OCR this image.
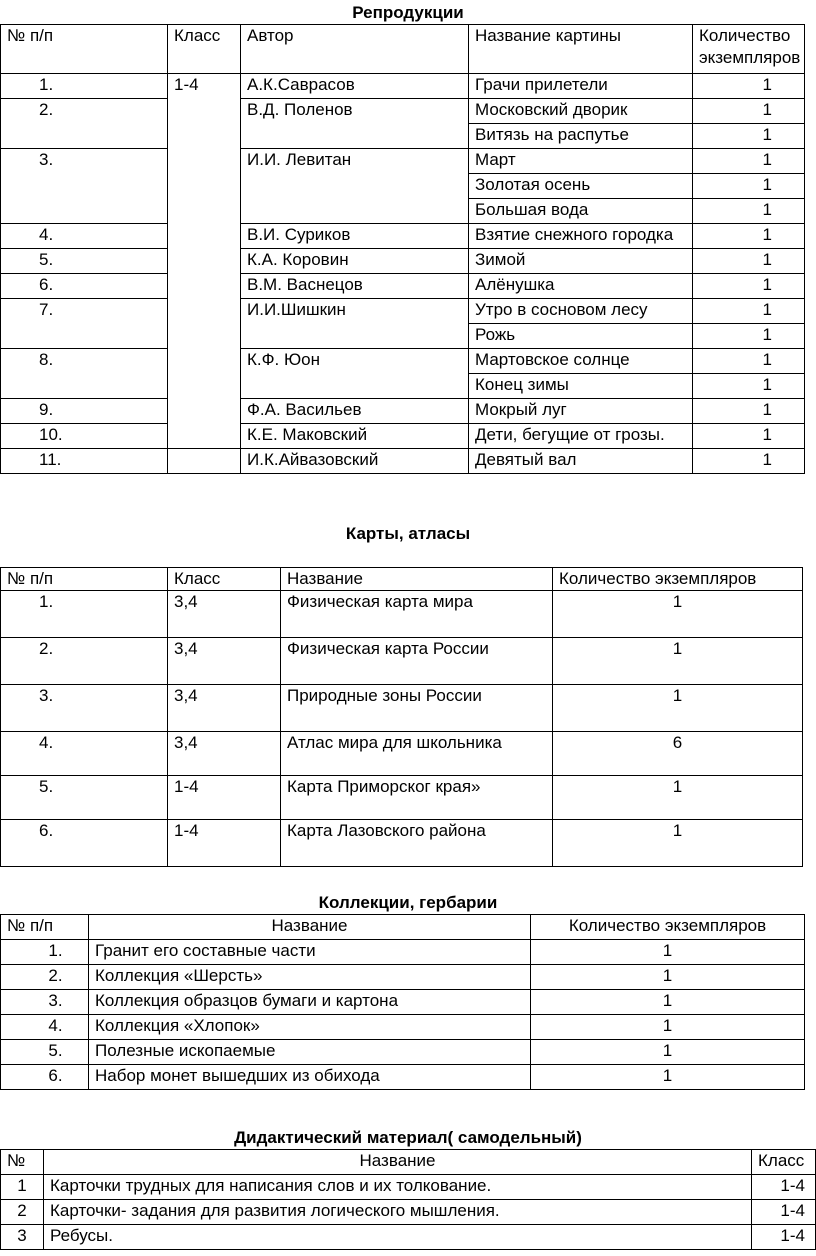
Репродукции
№ п/п	Класс	Автор	Название картины	Количество экземпляров
1.	1-4	А.К.Саврасов	Грачи прилетели	1
2.		В.Д. Поленов	Московский дворик	1
			Витязь на распутье	1
3.		И.И. Левитан	Март	1
			Золотая осень	1
			Большая вода	1
4.		В.И. Суриков	Взятие снежного городка	1
5.		К.А. Коровин	Зимой	1
6.		В.М. Васнецов	Алёнушка	1
7.		И.И.Шишкин	Утро в сосновом лесу	1
			Рожь	1
8.		К.Ф. Юон	Мартовское солнце	1
			Конец зимы	1
9.		Ф.А. Васильев	Мокрый луг	1
10.		К.Е. Маковский	Дети, бегущие от грозы.	1
11.		И.К.Айвазовский	Девятый вал	1
Карты, атласы
№ п/п	Класс	Название	Количество экземпляров
1.	3,4	Физическая карта мира	1
2.	3,4	Физическая карта России	1
3.	3,4	Природные зоны России	1
4.	3,4	Атлас мира для школьника	6
5.	1-4	Карта Приморског края»	1
6.	1-4	Карта Лазовского района	1
Коллекции, гербарии
№ п/п	Название	Количество экземпляров
1.	Гранит его составные части	1
2.	Коллекция «Шерсть»	1
3.	Коллекция образцов бумаги и картона	1
4.	Коллекция «Хлопок»	1
5.	Полезные ископаемые	1
6.	Набор монет вышедших из обихода	1
Дидактический материал( самодельный)
№	Название	Класс
1	Карточки трудных для написания слов и их толкование.	1-4
2	Карточки- задания для развития логического мышления.	1-4
3	Ребусы.	1-4
